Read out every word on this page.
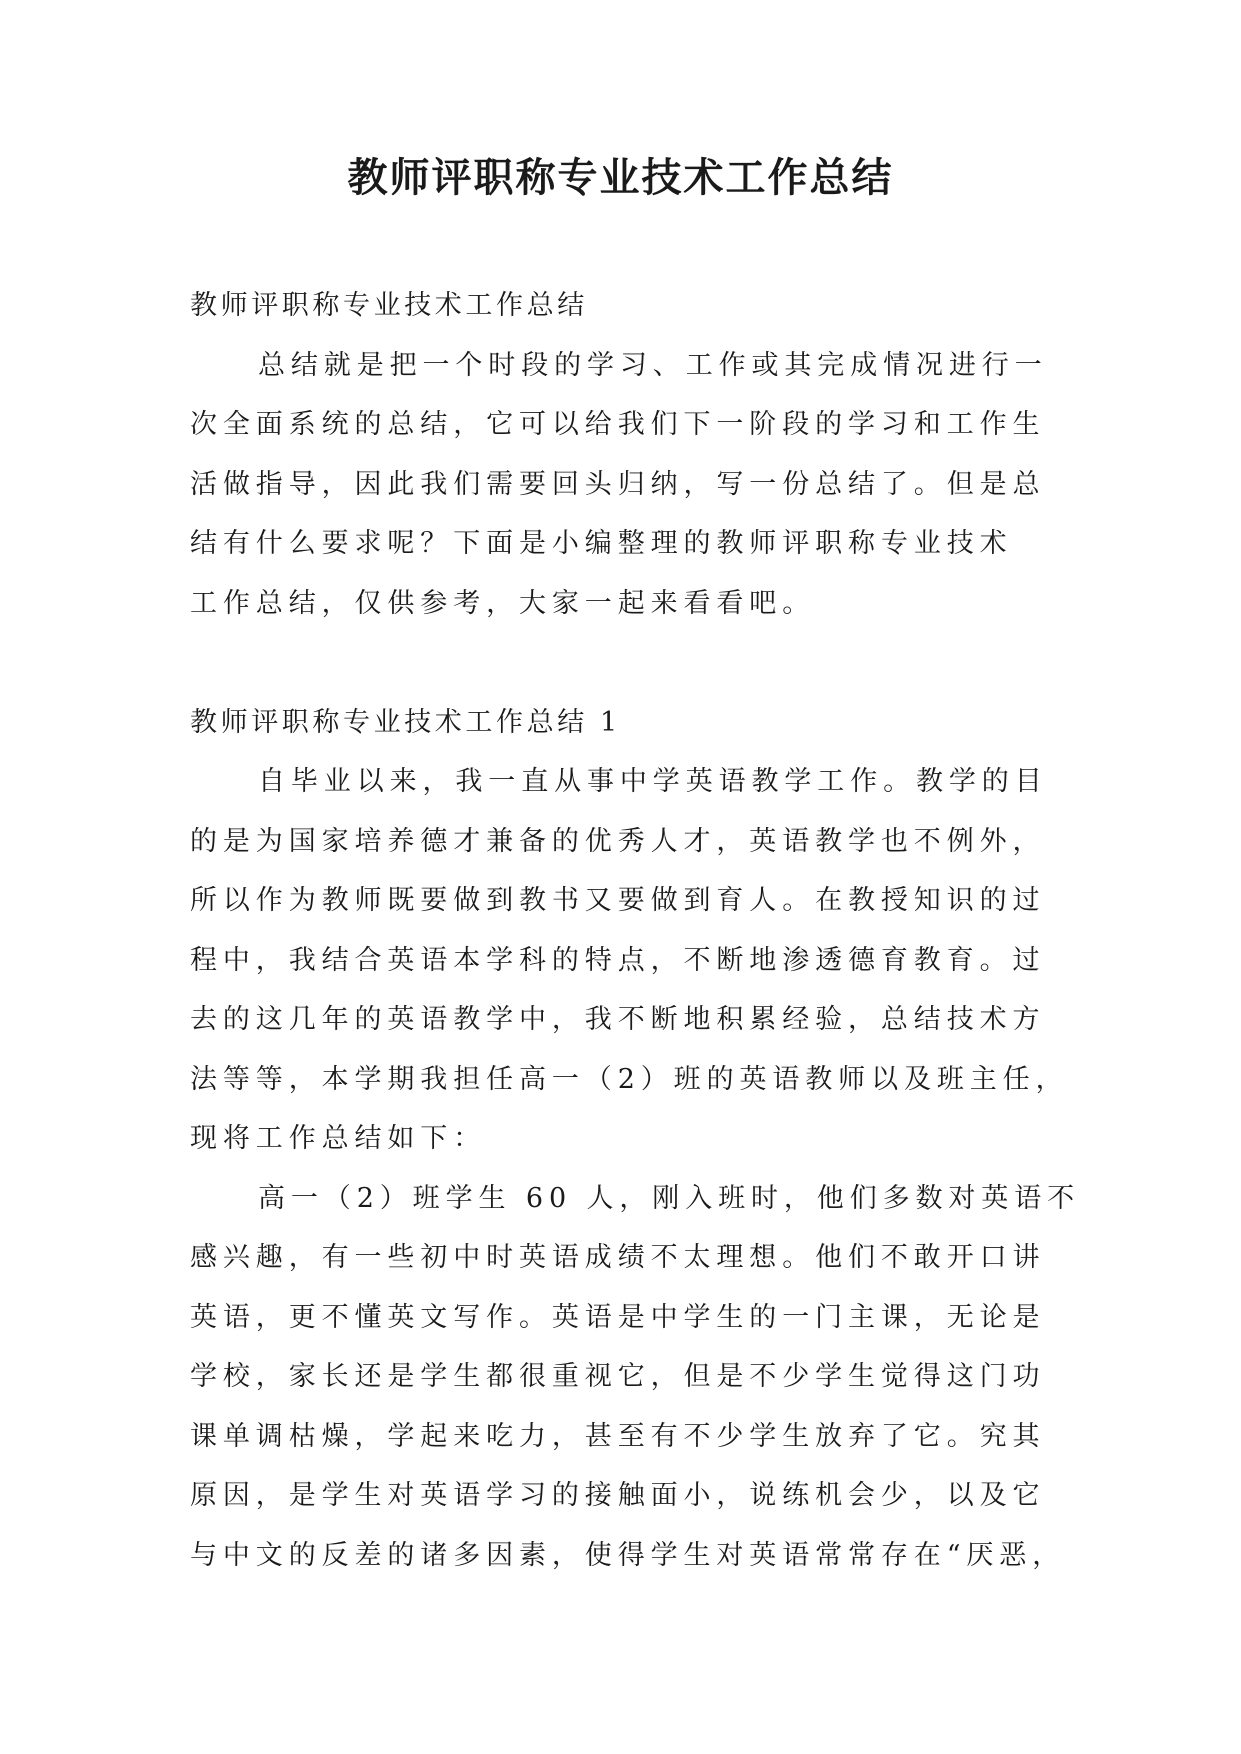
教师评职称专业技术工作总结
教师评职称专业技术工作总结
总结就是把一个时段的学习、工作或其完成情况进行一
次全面系统的总结，它可以给我们下一阶段的学习和工作生
活做指导，因此我们需要回头归纳，写一份总结了。但是总
结有什么要求呢？下面是小编整理的教师评职称专业技术
工作总结，仅供参考，大家一起来看看吧。
教师评职称专业技术工作总结 1
自毕业以来，我一直从事中学英语教学工作。教学的目
的是为国家培养德才兼备的优秀人才，英语教学也不例外，
所以作为教师既要做到教书又要做到育人。在教授知识的过
程中，我结合英语本学科的特点，不断地渗透德育教育。过
去的这几年的英语教学中，我不断地积累经验，总结技术方
法等等，本学期我担任高一（2）班的英语教师以及班主任，
现将工作总结如下：
高一（2）班学生 60 人，刚入班时，他们多数对英语不
感兴趣，有一些初中时英语成绩不太理想。他们不敢开口讲
英语，更不懂英文写作。英语是中学生的一门主课，无论是
学校，家长还是学生都很重视它，但是不少学生觉得这门功
课单调枯燥，学起来吃力，甚至有不少学生放弃了它。究其
原因，是学生对英语学习的接触面小，说练机会少，以及它
与中文的反差的诸多因素，使得学生对英语常常存在“厌恶，
